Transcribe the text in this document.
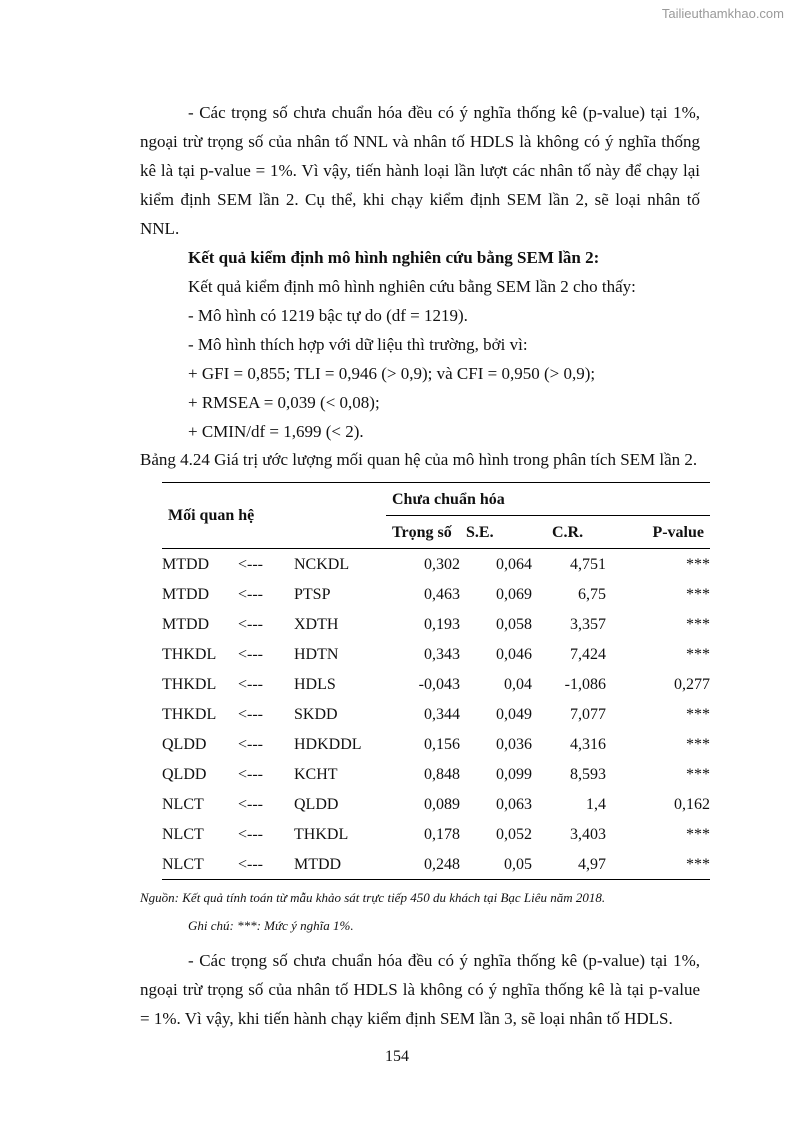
Tailieuthamkhao.com

- Các trọng số chưa chuẩn hóa đều có ý nghĩa thống kê (p-value) tại 1%, ngoại trừ trọng số của nhân tố NNL và nhân tố HDLS là không có ý nghĩa thống kê là tại p-value = 1%. Vì vậy, tiến hành loại lần lượt các nhân tố này để chạy lại kiểm định SEM lần 2. Cụ thể, khi chạy kiểm định SEM lần 2, sẽ loại nhân tố NNL.

Kết quả kiểm định mô hình nghiên cứu bằng SEM lần 2:

Kết quả kiểm định mô hình nghiên cứu bằng SEM lần 2 cho thấy:

- Mô hình có 1219 bậc tự do (df = 1219).

- Mô hình thích hợp với dữ liệu thì trường, bởi vì:

+ GFI = 0,855; TLI = 0,946 (> 0,9); và CFI = 0,950 (> 0,9);

+ RMSEA = 0,039 (< 0,08);

+ CMIN/df = 1,699 (< 2).

Bảng 4.24 Giá trị ước lượng mối quan hệ của mô hình trong phân tích SEM lần 2.

Mối quan hệ			Chưa chuẩn hóa			
			Trọng số	S.E.	C.R.	P-value
MTDD	<---	NCKDL	0,302	0,064	4,751	***
MTDD	<---	PTSP	0,463	0,069	6,75	***
MTDD	<---	XDTH	0,193	0,058	3,357	***
THKDL	<---	HDTN	0,343	0,046	7,424	***
THKDL	<---	HDLS	-0,043	0,04	-1,086	0,277
THKDL	<---	SKDD	0,344	0,049	7,077	***
QLDD	<---	HDKDDL	0,156	0,036	4,316	***
QLDD	<---	KCHT	0,848	0,099	8,593	***
NLCT	<---	QLDD	0,089	0,063	1,4	0,162
NLCT	<---	THKDL	0,178	0,052	3,403	***
NLCT	<---	MTDD	0,248	0,05	4,97	***

Nguồn: Kết quả tính toán từ mẫu khảo sát trực tiếp 450 du khách tại Bạc Liêu năm 2018.

Ghi chú: ***: Mức ý nghĩa 1%.

- Các trọng số chưa chuẩn hóa đều có ý nghĩa thống kê (p-value) tại 1%, ngoại trừ trọng số của nhân tố HDLS là không có ý nghĩa thống kê là tại p-value = 1%. Vì vậy, khi tiến hành chạy kiểm định SEM lần 3, sẽ loại nhân tố HDLS.

154
